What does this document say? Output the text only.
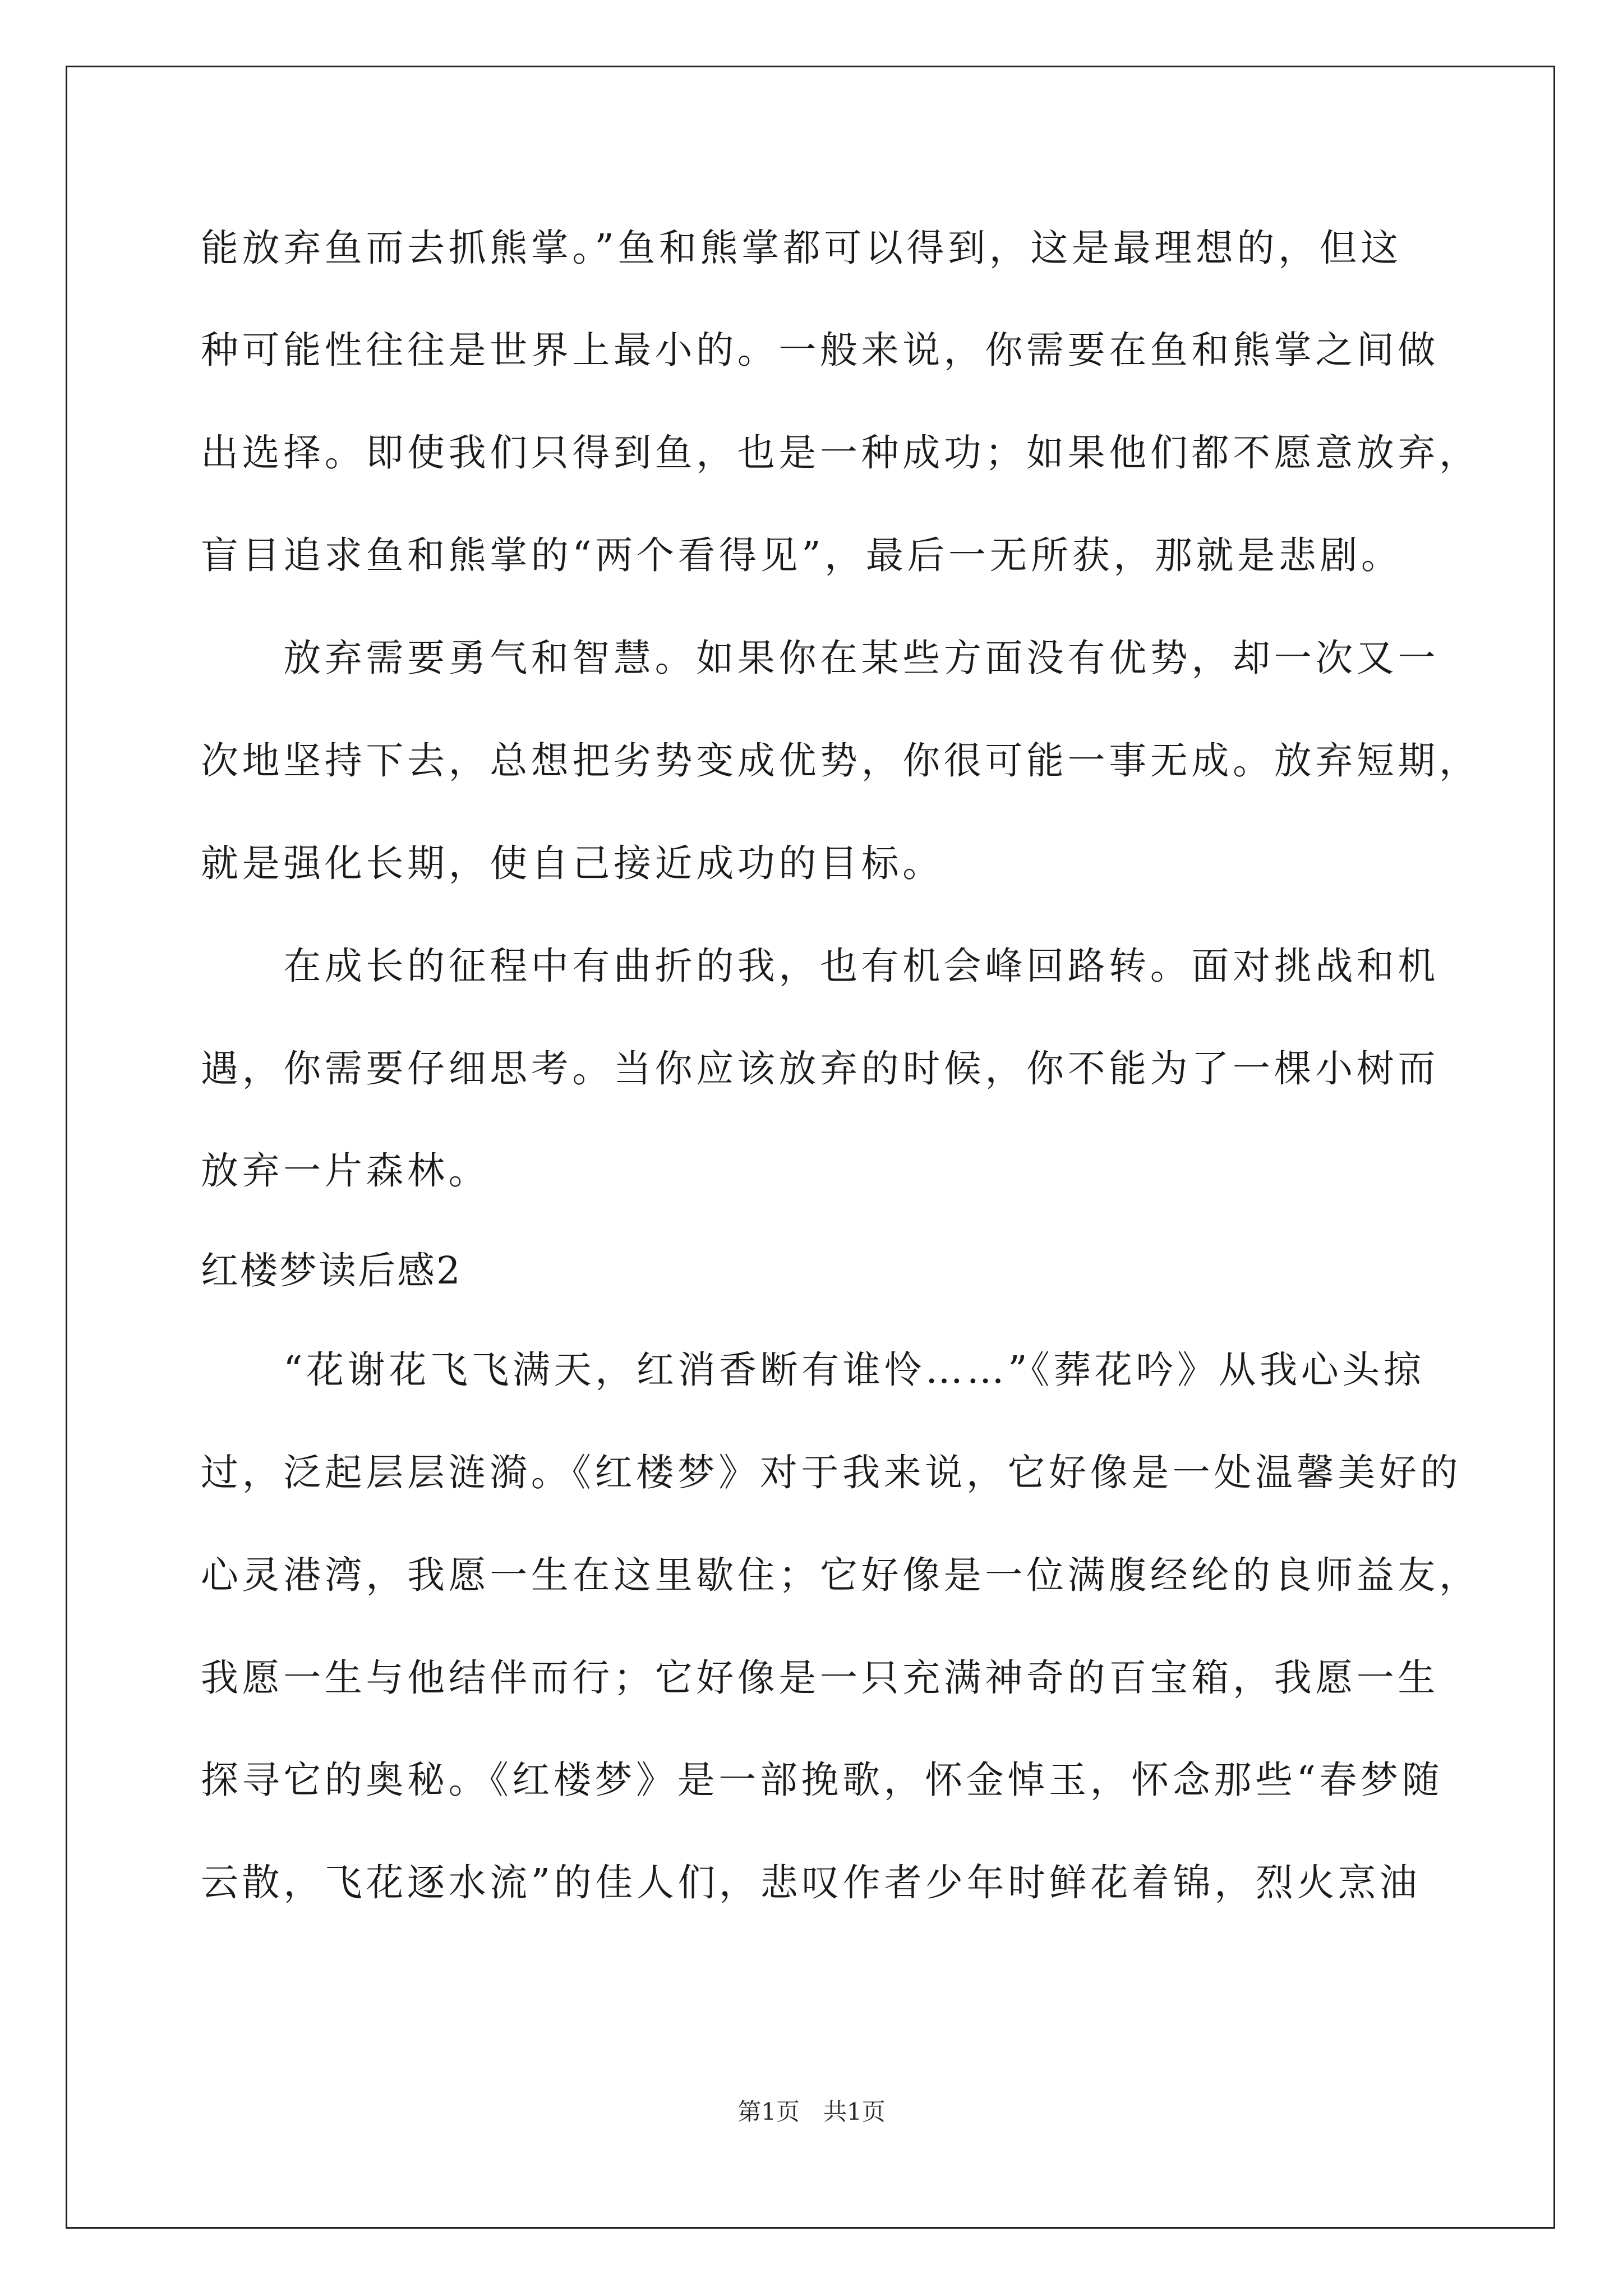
能放弃鱼而去抓熊掌。”鱼和熊掌都可以得到，这是最理想的，但这
种可能性往往是世界上最小的。一般来说，你需要在鱼和熊掌之间做
出选择。即使我们只得到鱼，也是一种成功；如果他们都不愿意放弃，
盲目追求鱼和熊掌的“两个看得见”，最后一无所获，那就是悲剧。
　　放弃需要勇气和智慧。如果你在某些方面没有优势，却一次又一
次地坚持下去，总想把劣势变成优势，你很可能一事无成。放弃短期，
就是强化长期，使自己接近成功的目标。
　　在成长的征程中有曲折的我，也有机会峰回路转。面对挑战和机
遇，你需要仔细思考。当你应该放弃的时候，你不能为了一棵小树而
放弃一片森林。
红楼梦读后感2
　　“花谢花飞飞满天，红消香断有谁怜……”《葬花吟》从我心头掠
过，泛起层层涟漪。《红楼梦》对于我来说，它好像是一处温馨美好的
心灵港湾，我愿一生在这里歇住；它好像是一位满腹经纶的良师益友，
我愿一生与他结伴而行；它好像是一只充满神奇的百宝箱，我愿一生
探寻它的奥秘。《红楼梦》是一部挽歌，怀金悼玉，怀念那些“春梦随
云散，飞花逐水流”的佳人们，悲叹作者少年时鲜花着锦，烈火烹油
第1页　共1页
